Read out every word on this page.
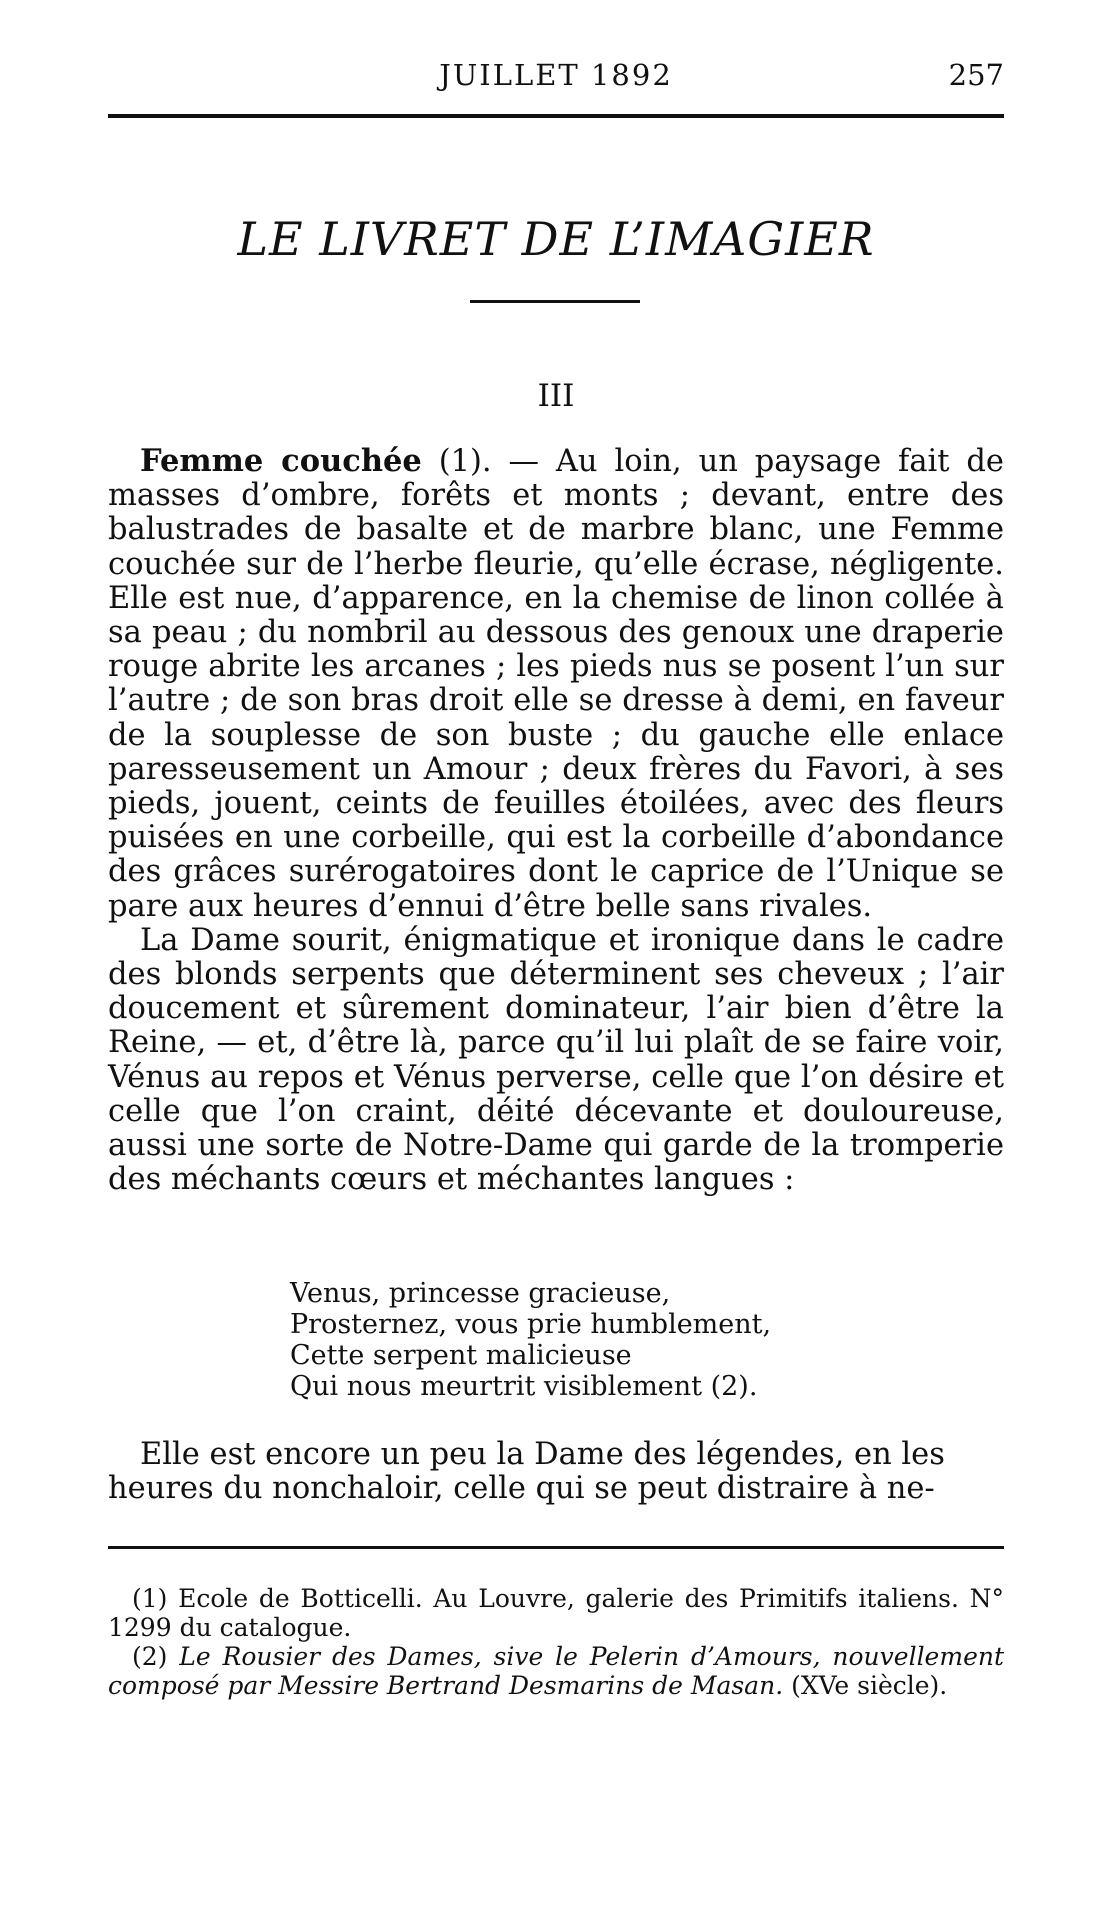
JUILLET 1892	257
LE LIVRET DE L’IMAGIER
III

Femme couchée (1). — Au loin, un paysage fait de masses d’ombre, forêts et monts ; devant, entre des balustrades de basalte et de marbre blanc, une Femme couchée sur de l’herbe fleurie, qu’elle écrase, négligente. Elle est nue, d’apparence, en la chemise de linon collée à sa peau ; du nombril au dessous des genoux une draperie rouge abrite les arcanes ; les pieds nus se posent l’un sur l’autre ; de son bras droit elle se dresse à demi, en faveur de la souplesse de son buste ; du gauche elle enlace paresseusement un Amour ; deux frères du Favori, à ses pieds, jouent, ceints de feuilles étoilées, avec des fleurs puisées en une corbeille, qui est la corbeille d’abondance des grâces surérogatoires dont le caprice de l’Unique se pare aux heures d’ennui d’être belle sans rivales.

La Dame sourit, énigmatique et ironique dans le cadre des blonds serpents que déterminent ses cheveux ; l’air doucement et sûrement dominateur, l’air bien d’être la Reine, — et, d’être là, parce qu’il lui plaît de se faire voir, Vénus au repos et Vénus perverse, celle que l’on désire et celle que l’on craint, déité décevante et douloureuse, aussi une sorte de Notre-Dame qui garde de la tromperie des méchants cœurs et méchantes langues :

Venus, princesse gracieuse,
Prosternez, vous prie humblement,
Cette serpent malicieuse
Qui nous meurtrit visiblement (2).
Elle est encore un peu la Dame des légendes, en les
heures du nonchaloir, celle qui se peut distraire à ne-

(1) Ecole de Botticelli. Au Louvre, galerie des Primitifs italiens. N° 1299 du catalogue.

(2) Le Rousier des Dames, sive le Pelerin d’Amours, nouvellement composé par Messire Bertrand Desmarins de Masan. (XVe siècle).
